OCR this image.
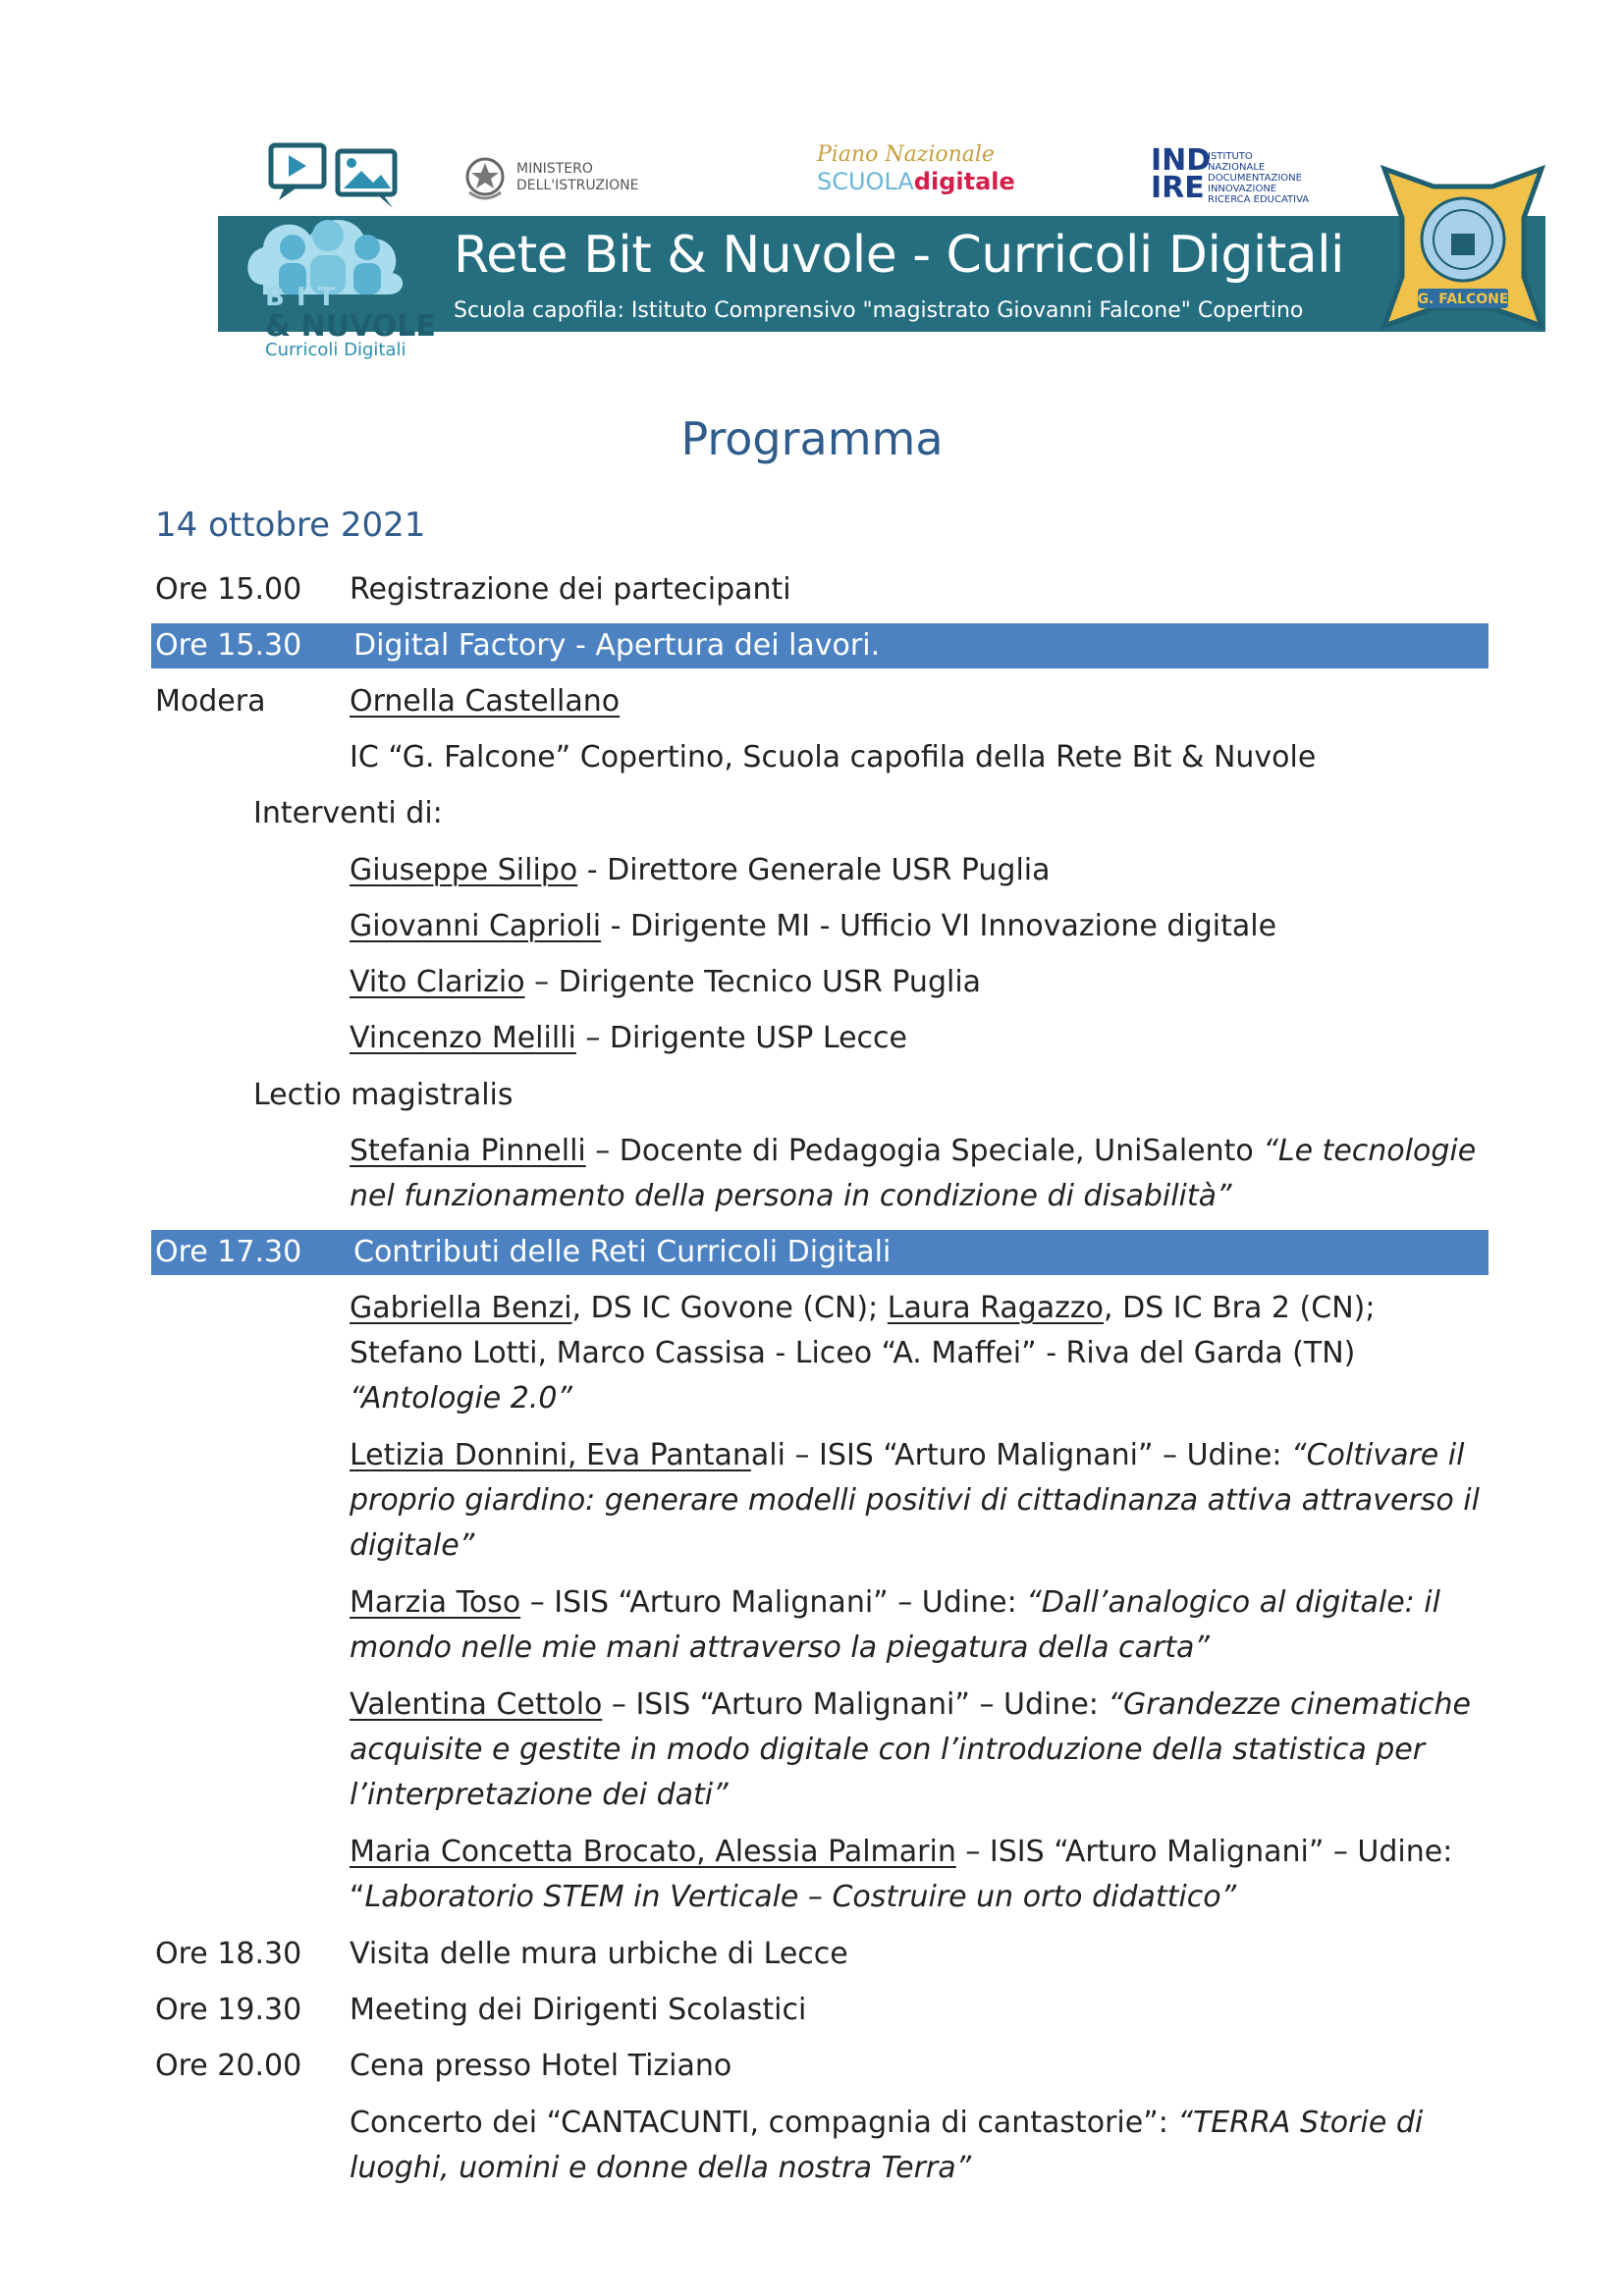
Rete Bit & Nuvole - Curricoli Digitali
Scuola capofila: Istituto Comprensivo "magistrato Giovanni Falcone" Copertino
BIT
& NUVOLE
Curricoli Digitali
MINISTERO
DELL'ISTRUZIONE
Piano Nazionale
SCUOLAdigitale
IND
IRE
ISTITUTO
NAZIONALE
DOCUMENTAZIONE
INNOVAZIONE
RICERCA EDUCATIVA
G. FALCONE
Programma
14 ottobre 2021
Ore 15.00 Registrazione dei partecipanti
Ore 15.30 Digital Factory - Apertura dei lavori.
Modera	Ornella Castellano
IC “G. Falcone” Copertino, Scuola capofila della Rete Bit & Nuvole
Interventi di:
Giuseppe Silipo - Direttore Generale USR Puglia
Giovanni Caprioli - Dirigente MI - Ufficio VI Innovazione digitale
Vito Clarizio – Dirigente Tecnico USR Puglia
Vincenzo Melilli – Dirigente USP Lecce
Lectio magistralis
Stefania Pinnelli – Docente di Pedagogia Speciale, UniSalento “Le tecnologie
nel funzionamento della persona in condizione di disabilità”
Ore 17.30 Contributi delle Reti Curricoli Digitali
Gabriella Benzi, DS IC Govone (CN); Laura Ragazzo, DS IC Bra 2 (CN);
Stefano Lotti, Marco Cassisa - Liceo “A. Maffei” - Riva del Garda (TN)
“Antologie 2.0”
Letizia Donnini, Eva Pantanali – ISIS “Arturo Malignani” – Udine: “Coltivare il
proprio giardino: generare modelli positivi di cittadinanza attiva attraverso il
digitale”
Marzia Toso – ISIS “Arturo Malignani” – Udine: “Dall’analogico al digitale: il
mondo nelle mie mani attraverso la piegatura della carta”
Valentina Cettolo – ISIS “Arturo Malignani” – Udine: “Grandezze cinematiche
acquisite e gestite in modo digitale con l’introduzione della statistica per
l’interpretazione dei dati”
Maria Concetta Brocato, Alessia Palmarin – ISIS “Arturo Malignani” – Udine:
“Laboratorio STEM in Verticale – Costruire un orto didattico”
Ore 18.30 Visita delle mura urbiche di Lecce
Ore 19.30 Meeting dei Dirigenti Scolastici
Ore 20.00 Cena presso Hotel Tiziano
Concerto dei “CANTACUNTI, compagnia di cantastorie”: “TERRA Storie di
luoghi, uomini e donne della nostra Terra”
